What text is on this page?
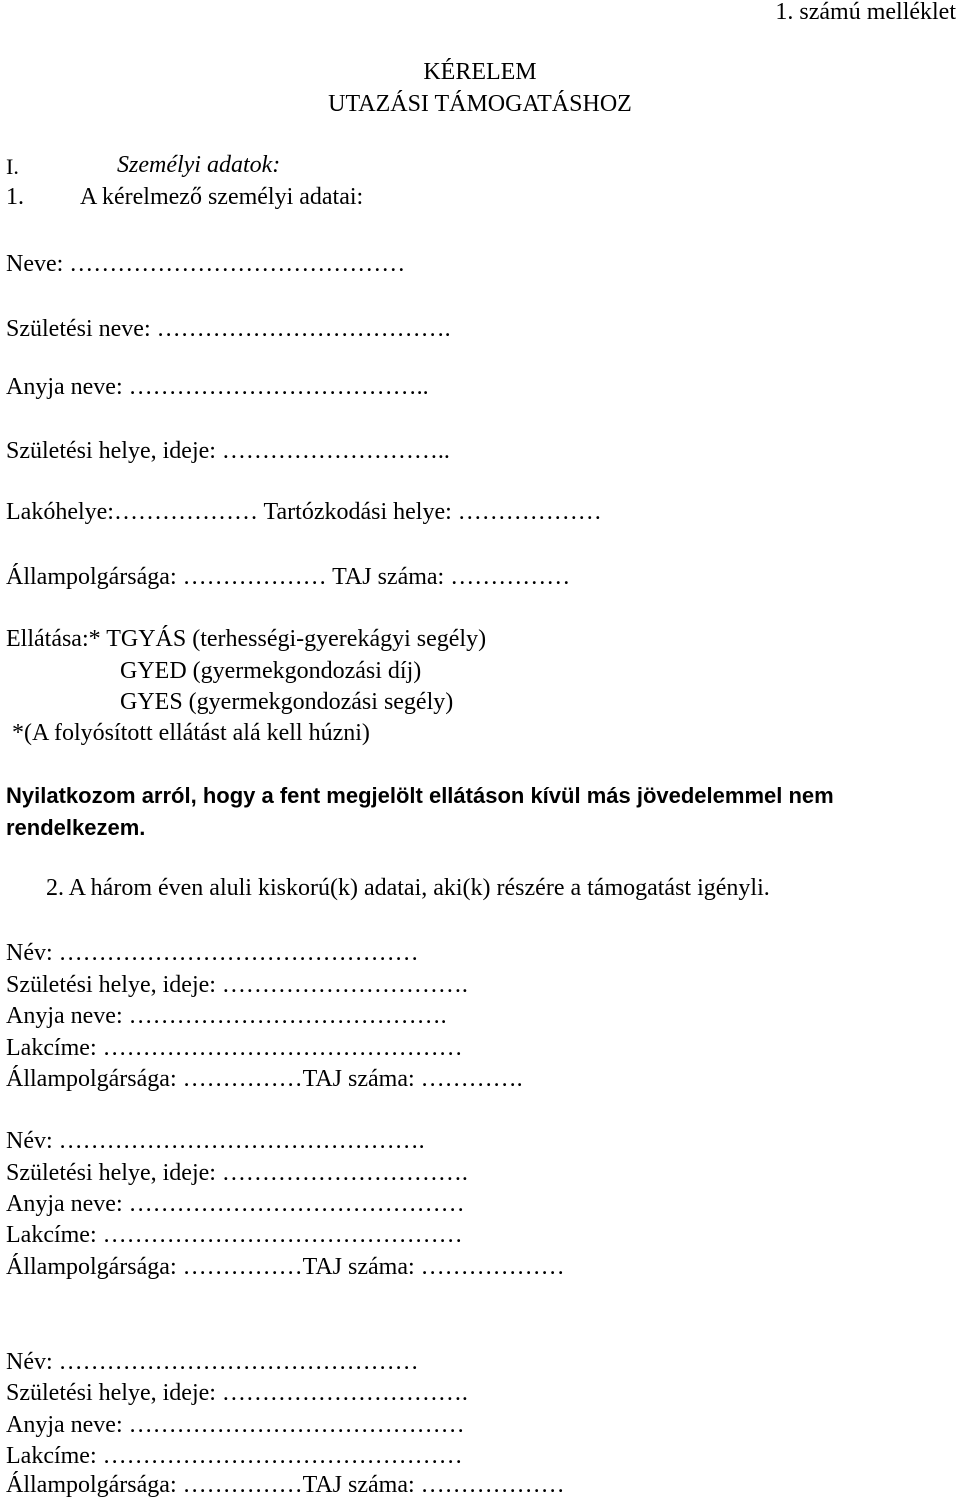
1. számú melléklet
KÉRELEM
UTAZÁSI TÁMOGATÁSHOZ
I.	Személyi adatok:
1. A kérelmező személyi adatai:
Neve: ……………………………………
Születési neve: ……………………………….
Anyja neve: ………………………………..
Születési helye, ideje: ………………………..
Lakóhelye:……………… Tartózkodási helye: ………………
Állampolgársága: ……………… TAJ száma: ……………
Ellátása:* TGYÁS (terhességi-gyerekágyi segély)
GYED (gyermekgondozási díj)
GYES (gyermekgondozási segély)
*(A folyósított ellátást alá kell húzni)
Nyilatkozom arról, hogy a fent megjelölt ellátáson kívül más jövedelemmel nem
rendelkezem.
2. A három éven aluli kiskorú(k) adatai, aki(k) részére a támogatást igényli.
Név: ………………………………………
Születési helye, ideje: ………………………….
Anyja neve: ………………………………….
Lakcíme: ………………………………………
Állampolgársága: ……………TAJ száma: ………….
Név: ……………………………………….
Születési helye, ideje: ………………………….
Anyja neve: ……………………………………
Lakcíme: ………………………………………
Állampolgársága: ……………TAJ száma: ………………
Név: ………………………………………
Születési helye, ideje: ………………………….
Anyja neve: ……………………………………
Lakcíme: ………………………………………
Állampolgársága: ……………TAJ száma: ………………
